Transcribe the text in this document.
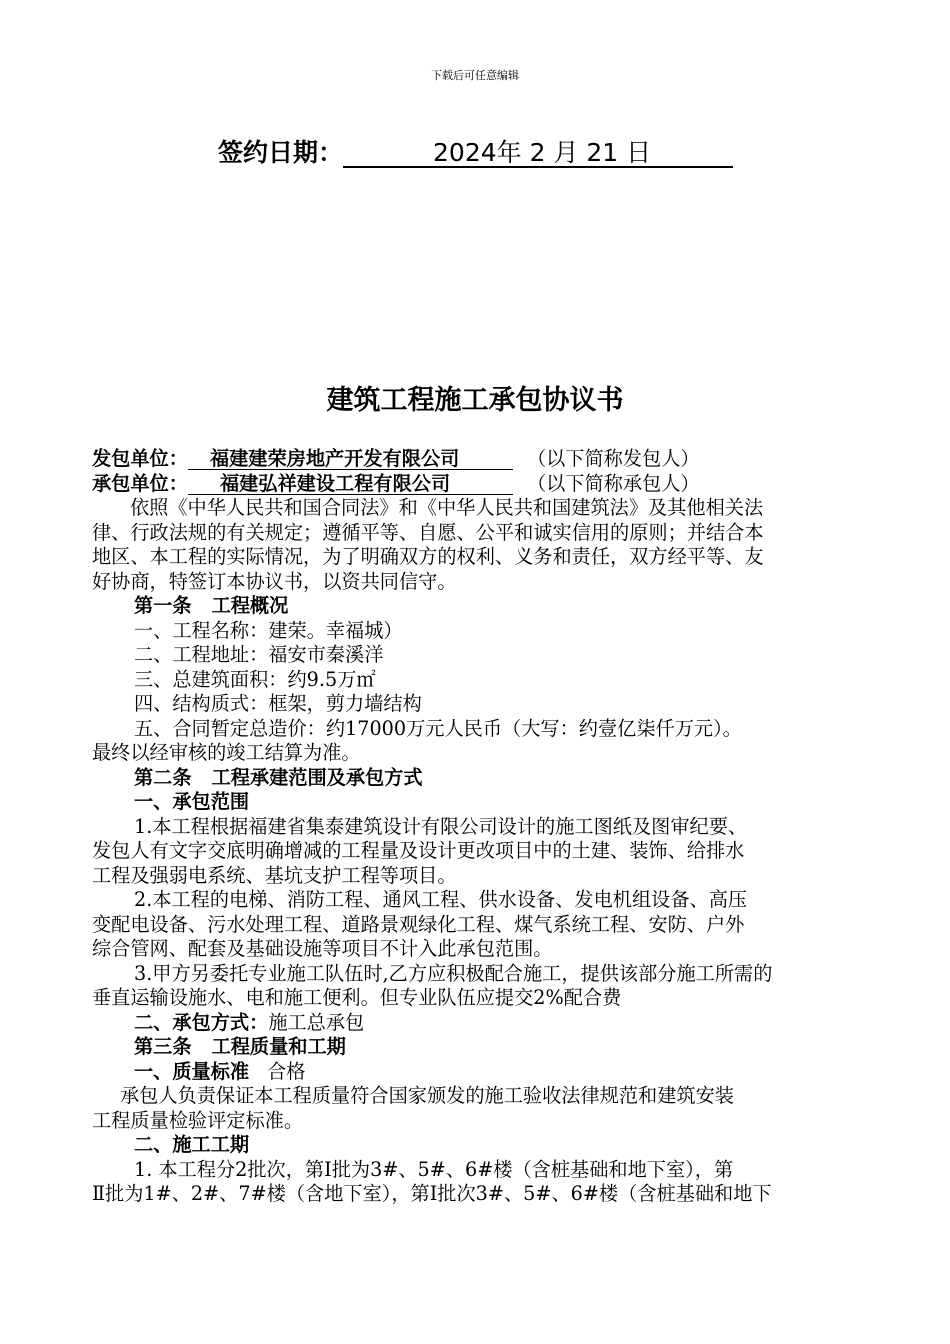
下载后可任意编辑
签约日期：	2024年 2 月 21 日
建筑工程施工承包协议书
发包单位： 福建建荣房地产开发有限公司	（以下简称发包人）
承包单位： 福建弘祥建设工程有限公司	（以下简称承包人）
依照《中华人民共和国合同法》和《中华人民共和国建筑法》及其他相关法
律、行政法规的有关规定；遵循平等、自愿、公平和诚实信用的原则；并结合本
地区、本工程的实际情况，为了明确双方的权利、义务和责任，双方经平等、友
好协商，特签订本协议书，以资共同信守。
第一条 工程概况
一、工程名称：建荣。幸福城）
二、工程地址：福安市秦溪洋
三、总建筑面积：约9.5万㎡
四、结构质式：框架，剪力墙结构
五、合同暂定总造价：约17000万元人民币（大写：约壹亿柒仟万元）。
最终以经审核的竣工结算为准。
第二条 工程承建范围及承包方式
一、承包范围
1.本工程根据福建省集泰建筑设计有限公司设计的施工图纸及图审纪要、
发包人有文字交底明确增减的工程量及设计更改项目中的土建、装饰、给排水
工程及强弱电系统、基坑支护工程等项目。
2.本工程的电梯、消防工程、通风工程、供水设备、发电机组设备、高压
变配电设备、污水处理工程、道路景观绿化工程、煤气系统工程、安防、户外
综合管网、配套及基础设施等项目不计入此承包范围。
3.甲方另委托专业施工队伍时,乙方应积极配合施工，提供该部分施工所需的
垂直运输设施水、电和施工便利。但专业队伍应提交2%配合费
二、承包方式：施工总承包
第三条 工程质量和工期
一、质量标准 合格
承包人负责保证本工程质量符合国家颁发的施工验收法律规范和建筑安装
工程质量检验评定标准。
二、施工工期
1. 本工程分2批次，第Ⅰ批为3#、5#、6#楼（含桩基础和地下室），第
Ⅱ批为1#、2#、7#楼（含地下室），第Ⅰ批次3#、5#、6#楼（含桩基础和地下
